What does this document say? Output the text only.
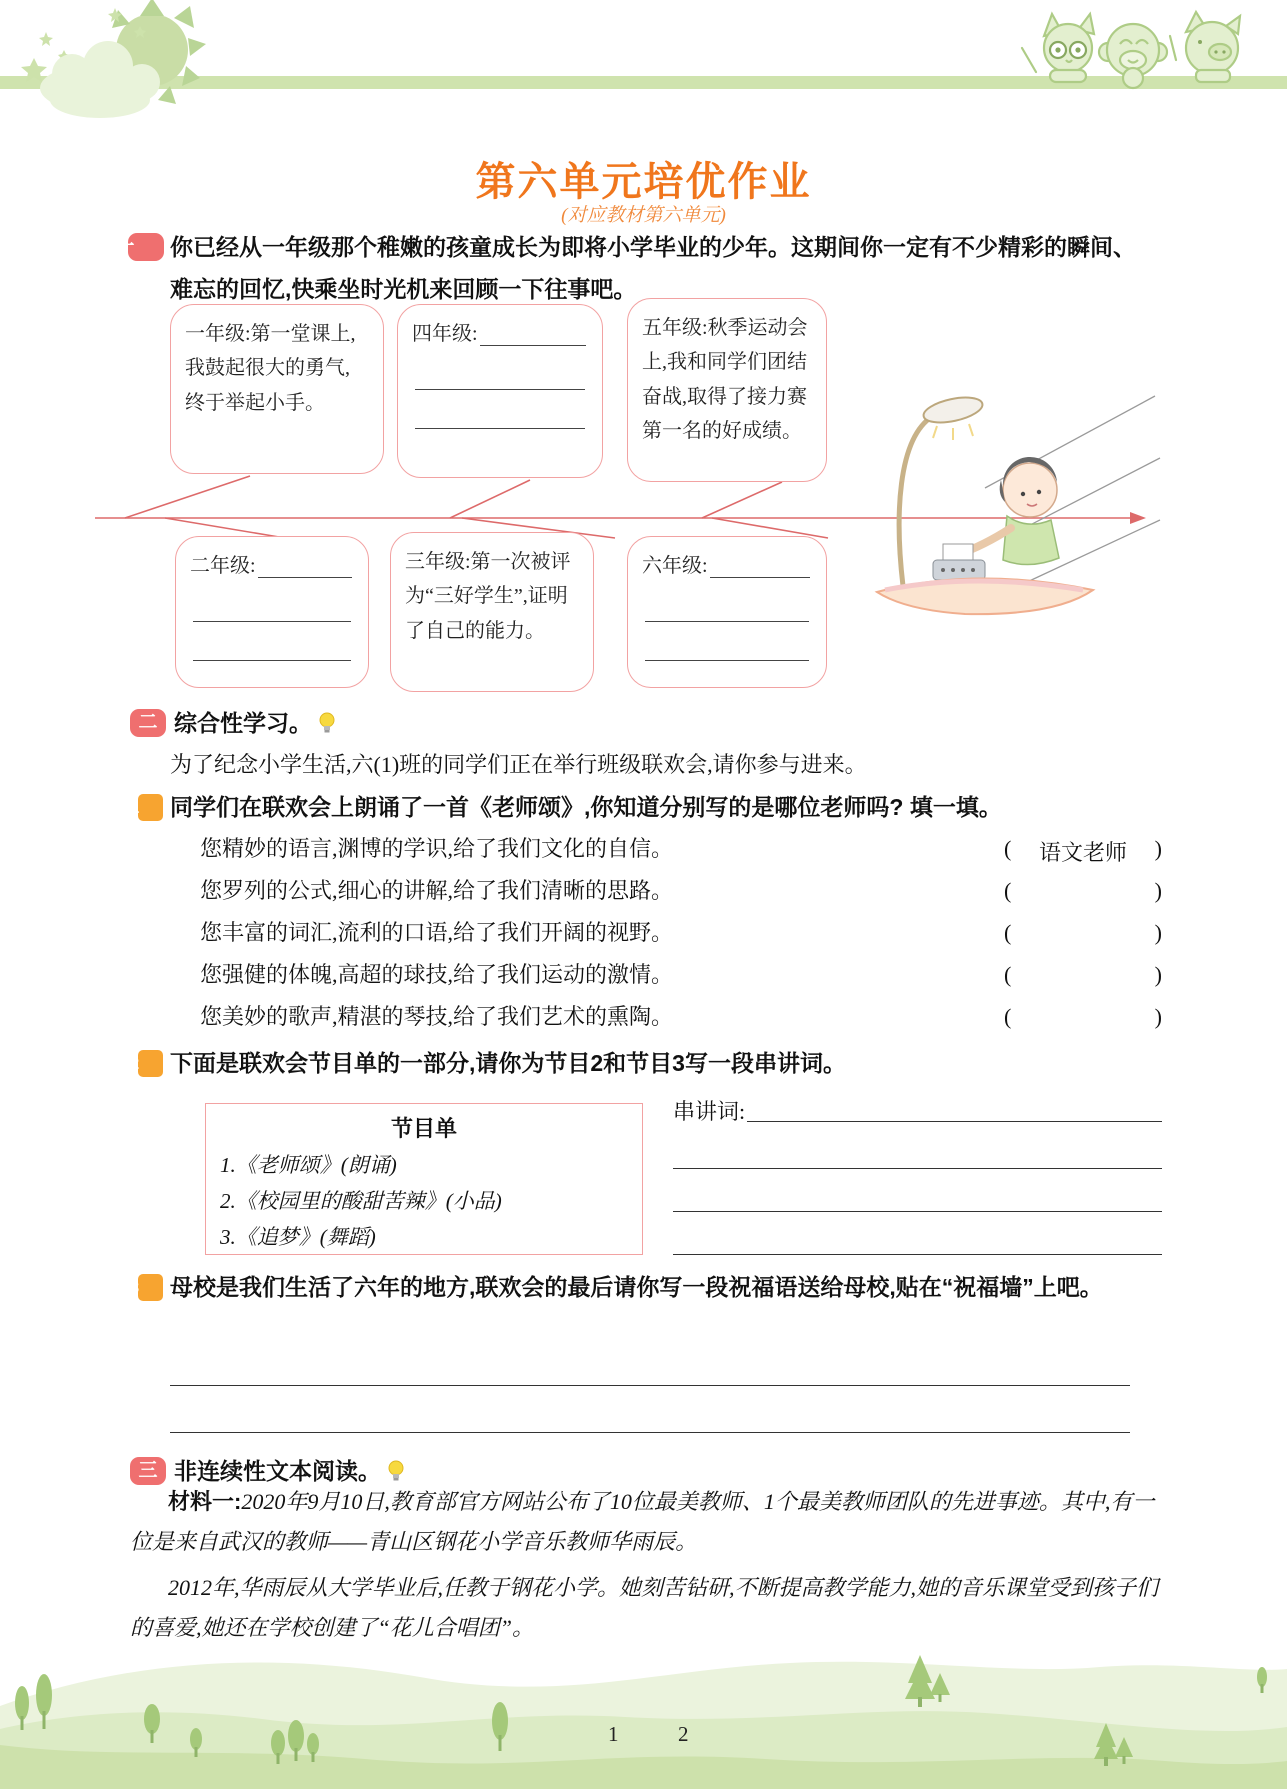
第六单元培优作业
(对应教材第六单元)
一 你已经从一年级那个稚嫩的孩童成长为即将小学毕业的少年。这期间你一定有不少精彩的瞬间、难忘的回忆,快乘坐时光机来回顾一下往事吧。
一年级:第一堂课上,我鼓起很大的勇气,终于举起小手。
四年级:	五年级:秋季运动会上,我和同学们团结奋战,取得了接力赛第一名的好成绩。
二年级:	三年级:第一次被评为“三好学生”,证明了自己的能力。
六年级:
二 综合性学习。
为了纪念小学生活,六(1)班的同学们正在举行班级联欢会,请你参与进来。
1 同学们在联欢会上朗诵了一首《老师颂》,你知道分别写的是哪位老师吗? 填一填。
您精妙的语言,渊博的学识,给了我们文化的自信。	( 语文老师 )
您罗列的公式,细心的讲解,给了我们清晰的思路。	(	)
您丰富的词汇,流利的口语,给了我们开阔的视野。	(	)
您强健的体魄,高超的球技,给了我们运动的激情。	(	)
您美妙的歌声,精湛的琴技,给了我们艺术的熏陶。	(	)
2 下面是联欢会节目单的一部分,请你为节目2和节目3写一段串讲词。
节目单
1.《老师颂》(朗诵)
2.《校园里的酸甜苦辣》(小品)
3.《追梦》(舞蹈)
串讲词:
3 母校是我们生活了六年的地方,联欢会的最后请你写一段祝福语送给母校,贴在“祝福墙”上吧。
三 非连续性文本阅读。

材料一:2020年9月10日,教育部官方网站公布了10位最美教师、1个最美教师团队的先进事迹。其中,有一位是来自武汉的教师——青山区钢花小学音乐教师华雨辰。

2012年,华雨辰从大学毕业后,任教于钢花小学。她刻苦钻研,不断提高教学能力,她的音乐课堂受到孩子们的喜爱,她还在学校创建了“花儿合唱团”。

1	2
